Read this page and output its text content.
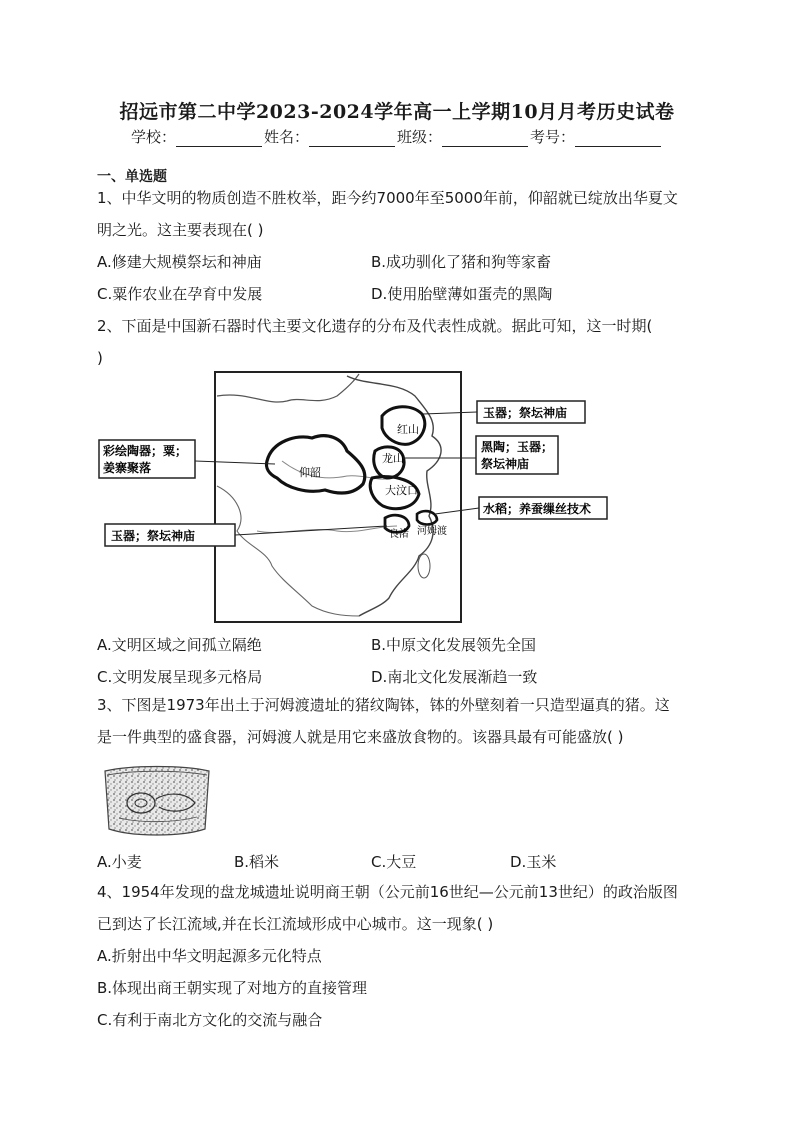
招远市第二中学2023-2024学年高一上学期10月月考历史试卷
学校：	姓名：	班级：	考号：
一、单选题
1、中华文明的物质创造不胜枚举，距今约7000年至5000年前，仰韶就已绽放出华夏文
明之光。这主要表现在( )
A.修建大规模祭坛和神庙	B.成功驯化了猪和狗等家畜
C.粟作农业在孕育中发展	D.使用胎壁薄如蛋壳的黑陶
2、下面是中国新石器时代主要文化遗存的分布及代表性成就。据此可知，这一时期(
)
红山
龙山
大汶口
仰韶
良渚 河姆渡
玉器；祭坛神庙
黑陶；玉器；
祭坛神庙
彩绘陶器；粟；
姜寨聚落
水稻；养蚕缫丝技术
玉器；祭坛神庙
A.文明区域之间孤立隔绝	B.中原文化发展领先全国
C.文明发展呈现多元格局	D.南北文化发展渐趋一致
3、下图是1973年出土于河姆渡遗址的猪纹陶钵，钵的外壁刻着一只造型逼真的猪。这
是一件典型的盛食器，河姆渡人就是用它来盛放食物的。该器具最有可能盛放( )
A.小麦	B.稻米	C.大豆	D.玉米
4、1954年发现的盘龙城遗址说明商王朝（公元前16世纪—公元前13世纪）的政治版图
已到达了长江流域,并在长江流域形成中心城市。这一现象( )
A.折射出中华文明起源多元化特点
B.体现出商王朝实现了对地方的直接管理
C.有利于南北方文化的交流与融合
